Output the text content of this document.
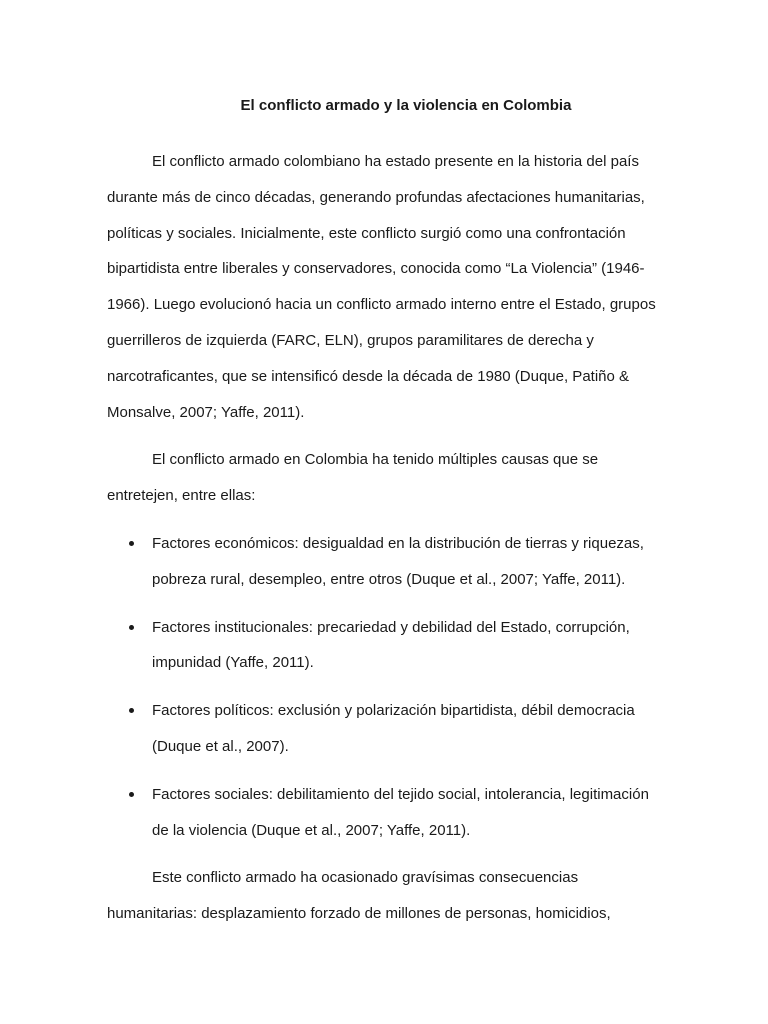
El conflicto armado y la violencia en Colombia

El conflicto armado colombiano ha estado presente en la historia del país
durante más de cinco décadas, generando profundas afectaciones humanitarias,
políticas y sociales. Inicialmente, este conflicto surgió como una confrontación
bipartidista entre liberales y conservadores, conocida como “La Violencia” (1946-
1966). Luego evolucionó hacia un conflicto armado interno entre el Estado, grupos
guerrilleros de izquierda (FARC, ELN), grupos paramilitares de derecha y
narcotraficantes, que se intensificó desde la década de 1980 (Duque, Patiño &
Monsalve, 2007; Yaffe, 2011).

El conflicto armado en Colombia ha tenido múltiples causas que se
entretejen, entre ellas:

Factores económicos: desigualdad en la distribución de tierras y riquezas,
pobreza rural, desempleo, entre otros (Duque et al., 2007; Yaffe, 2011).
Factores institucionales: precariedad y debilidad del Estado, corrupción,
impunidad (Yaffe, 2011).
Factores políticos: exclusión y polarización bipartidista, débil democracia
(Duque et al., 2007).
Factores sociales: debilitamiento del tejido social, intolerancia, legitimación
de la violencia (Duque et al., 2007; Yaffe, 2011).

Este conflicto armado ha ocasionado gravísimas consecuencias
humanitarias: desplazamiento forzado de millones de personas, homicidios,
